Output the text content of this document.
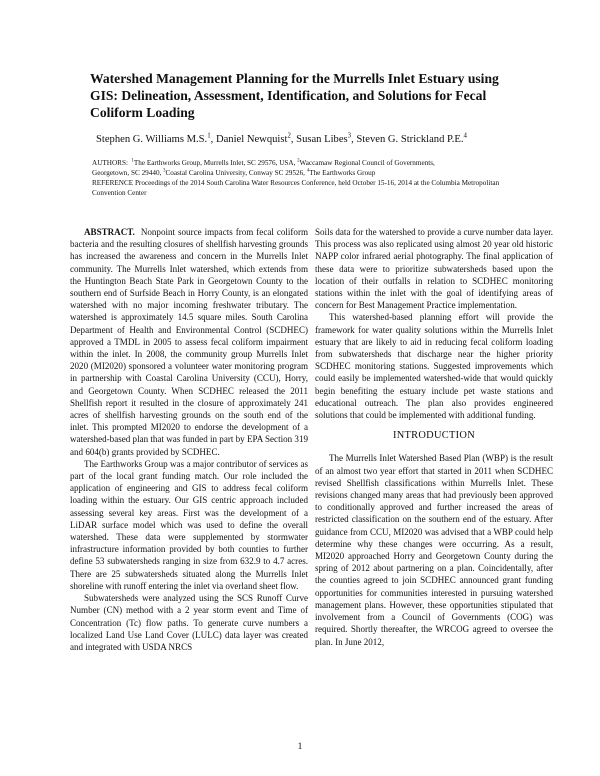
Watershed Management Planning for the Murrells Inlet Estuary using GIS: Delineation, Assessment, Identification, and Solutions for Fecal Coliform Loading
Stephen G. Williams M.S.$^1$, Daniel Newquist$^2$, Susan Libes$^3$, Steven G. Strickland P.E.$^4$
AUTHORS: $^1$The Earthworks Group, Murrells Inlet, SC 29576, USA, $^2$Waccamaw Regional Council of Governments,
Georgetown, SC 29440, $^3$Coastal Carolina University, Conway SC 29526, $^4$The Earthworks Group
REFERENCE Proceedings of the 2014 South Carolina Water Resources Conference, held October 15-16, 2014 at the Columbia Metropolitan Convention Center

ABSTRACT. Nonpoint source impacts from fecal coliform bacteria and the resulting closures of shellfish harvesting grounds has increased the awareness and concern in the Murrells Inlet community. The Murrells Inlet watershed, which extends from the Huntington Beach State Park in Georgetown County to the southern end of Surfside Beach in Horry County, is an elongated watershed with no major incoming freshwater tributary. The watershed is approximately 14.5 square miles. South Carolina Department of Health and Environmental Control (SCDHEC) approved a TMDL in 2005 to assess fecal coliform impairment within the inlet. In 2008, the community group Murrells Inlet 2020 (MI2020) sponsored a volunteer water monitoring program in partnership with Coastal Carolina University (CCU), Horry, and Georgetown County. When SCDHEC released the 2011 Shellfish report it resulted in the closure of approximately 241 acres of shellfish harvesting grounds on the south end of the inlet. This prompted MI2020 to endorse the development of a watershed-based plan that was funded in part by EPA Section 319 and 604(b) grants provided by SCDHEC.

The Earthworks Group was a major contributor of services as part of the local grant funding match. Our role included the application of engineering and GIS to address fecal coliform loading within the estuary. Our GIS centric approach included assessing several key areas. First was the development of a LiDAR surface model which was used to define the overall watershed. These data were supplemented by stormwater infrastructure information provided by both counties to further define 53 subwatersheds ranging in size from 632.9 to 4.7 acres. There are 25 subwatersheds situated along the Murrells Inlet shoreline with runoff entering the inlet via overland sheet flow.

Subwatersheds were analyzed using the SCS Runoff Curve Number (CN) method with a 2 year storm event and Time of Concentration (Tc) flow paths. To generate curve numbers a localized Land Use Land Cover (LULC) data layer was created and integrated with USDA NRCS

Soils data for the watershed to provide a curve number data layer. This process was also replicated using almost 20 year old historic NAPP color infrared aerial photography. The final application of these data were to prioritize subwatersheds based upon the location of their outfalls in relation to SCDHEC monitoring stations within the inlet with the goal of identifying areas of concern for Best Management Practice implementation.

This watershed-based planning effort will provide the framework for water quality solutions within the Murrells Inlet estuary that are likely to aid in reducing fecal coliform loading from subwatersheds that discharge near the higher priority SCDHEC monitoring stations. Suggested improvements which could easily be implemented watershed-wide that would quickly begin benefiting the estuary include pet waste stations and educational outreach. The plan also provides engineered solutions that could be implemented with additional funding.

INTRODUCTION

The Murrells Inlet Watershed Based Plan (WBP) is the result of an almost two year effort that started in 2011 when SCDHEC revised Shellfish classifications within Murrells Inlet. These revisions changed many areas that had previously been approved to conditionally approved and further increased the areas of restricted classification on the southern end of the estuary. After guidance from CCU, MI2020 was advised that a WBP could help determine why these changes were occurring. As a result, MI2020 approached Horry and Georgetown County during the spring of 2012 about partnering on a plan. Coincidentally, after the counties agreed to join SCDHEC announced grant funding opportunities for communities interested in pursuing watershed management plans. However, these opportunities stipulated that involvement from a Council of Governments (COG) was required. Shortly thereafter, the WRCOG agreed to oversee the plan. In June 2012,

1
